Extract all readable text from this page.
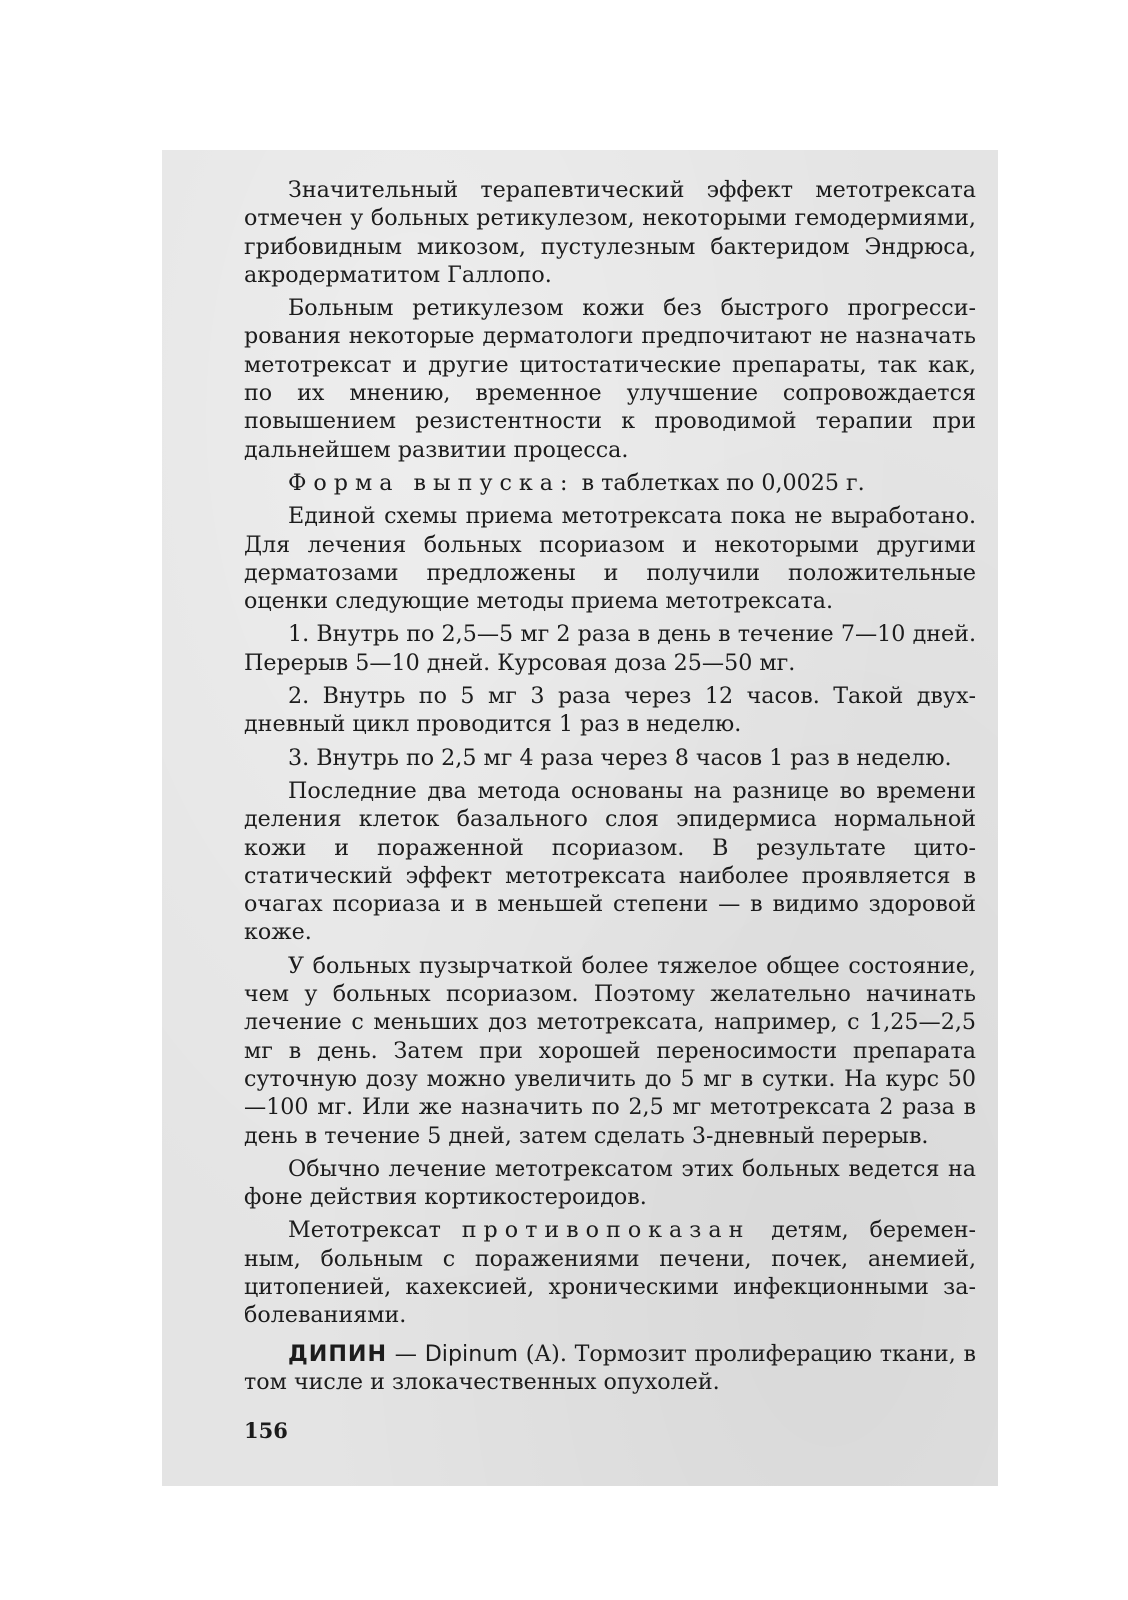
Значительный терапевтический эффект метотрексата отмечен у больных ретикулезом, некоторыми гемодермиями, грибовидным микозом, пустулезным бактеридом Эндрюса, акродерматитом Галлопо.

Больным ретикулезом кожи без быстрого прогрессирования некоторые дерматологи предпочитают не назначать метотрексат и другие цитостатические препараты, так как, по их мнению, временное улучшение сопровождается повышением резистентности к проводимой терапии при дальнейшем развитии процесса.

Форма выпуска: в таблетках по 0,0025 г.

Единой схемы приема метотрексата пока не выработано. Для лечения больных псориазом и некоторыми другими дерматозами предложены и получили положительные оценки следующие методы приема метотрексата.

1. Внутрь по 2,5—5 мг 2 раза в день в течение 7—10 дней. Перерыв 5—10 дней. Курсовая доза 25—50 мг.

2. Внутрь по 5 мг 3 раза через 12 часов. Такой двухдневный цикл проводится 1 раз в неделю.

3. Внутрь по 2,5 мг 4 раза через 8 часов 1 раз в неделю.

Последние два метода основаны на разнице во времени деления клеток базального слоя эпидермиса нормальной кожи и пораженной псориазом. В результате цитостатический эффект метотрексата наиболее проявляется в очагах псориаза и в меньшей степени — в видимо здоровой коже.

У больных пузырчаткой более тяжелое общее состояние, чем у больных псориазом. Поэтому желательно начинать лечение с меньших доз метотрексата, например, с 1,25—2,5 мг в день. Затем при хорошей переносимости препарата суточную дозу можно увеличить до 5 мг в сутки. На курс 50—100 мг. Или же назначить по 2,5 мг метотрексата 2 раза в день в течение 5 дней, затем сделать 3-дневный перерыв.

Обычно лечение метотрексатом этих больных ведется на фоне действия кортикостероидов.

Метотрексат противопоказан детям, беременным, больным с поражениями печени, почек, анемией, цитопенией, кахексией, хроническими инфекционными заболеваниями.

ДИПИН — Dipinum (А). Тормозит пролиферацию ткани, в том числе и злокачественных опухолей.

156
